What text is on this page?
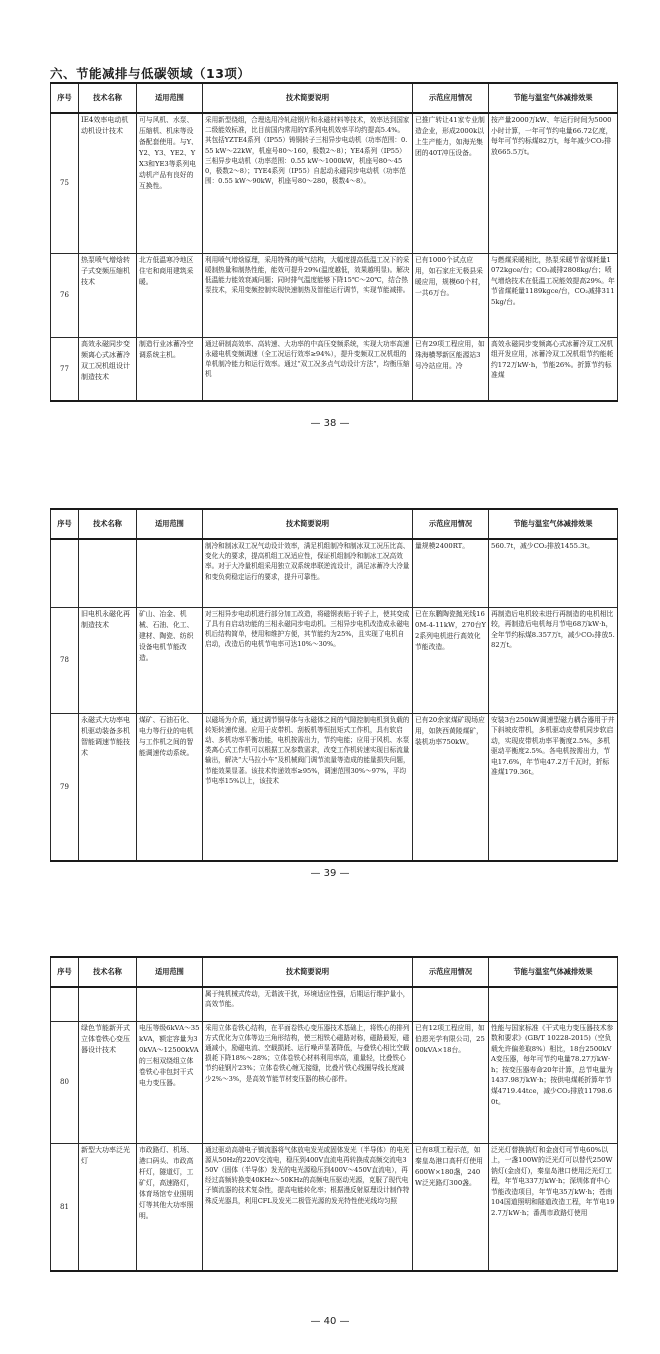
六、节能减排与低碳领域（13项）
序号	技术名称	适用范围	技术简要说明	示范应用情况	节能与温室气体减排效果
75	IE4效率电动机动机设计技术	可与风机、水泵、压缩机、机床等设备配套使用。与Y、Y2、Y3、YE2、YX3和YE3等系列电动机产品有良好的互换性。	采用新型绕组，合理选用冷轧硅钢片和永磁材料等技术，效率达到国家二级能效标准，比目前国内常用的Y系列电机效率平均约提高5.4%。其包括YZTE4系列（IP55）铸铜转子三相异步电动机（功率范围：0.55 kW～22kW，机座号80～160，极数2～8）；YE4系列（IP55）三相异步电动机（功率范围：0.55 kW～1000kW，机座号80～450，极数2～8）；TYE4系列（IP55）自起动永磁同步电动机（功率范围：0.55 kW～90kW，机座号80～280，极数4～8）。	已推广转让41家专业制造企业，形成2000k以上生产能力，如海光集团的40T冲压设备。	按产量2000万kW、年运行时间为5000小时计算，一年可节约电量66.72亿度，每年可节约标煤82万t，每年减少CO₂排放665.5万t。
76	热泵喷气增焓转子式变频压缩机技术	北方低温寒冷地区住宅和商用建筑采暖。	利用喷气增焓原理，采用特殊的喷气结构，大幅度提高低温工况下的采暖制热量和制热性能，能效可提升29%(温度越低，效果越明显)。解决低温能力能效衰减问题；同时排气温度能够下降15℃～20℃，结合热泵技术，采用变频控制实现快速制热及智能运行调节，实现节能减排。	已有1000个试点应用，如石家庄无极县采暖应用，规模60个村，一共6万台。	与燃煤采暖相比，热泵采暖节省煤耗量1072kgce/台；CO₂减排2808kg/台；喷气增焓技术在低温工况能效提高29%。年节省煤耗量1189kgce/台，CO₂减排3115kg/台。
77	高效永磁同步变频离心式冰蓄冷双工况机组设计制造技术	制造行业冰蓄冷空调系统主机。	通过研制高效率、高转速、大功率的中高压变频系统，实现大功率高速永磁电机变频调速（全工况运行效率≥94%），提升变频双工况机组的单机制冷能力和运行效率。通过“双工况多点气动设计方法”，均衡压缩机	已有29项工程应用，如珠海横琴新区能源站3号冷站应用。冷	高效永磁同步变频离心式冰蓄冷双工况机组开发应用，冰蓄冷双工况机组节约能耗约172万kW·h，节能26%。折算节约标准煤
— 38 —
序号	技术名称	适用范围	技术简要说明	示范应用情况	节能与温室气体减排效果
			制冷和制冰双工况气动设计效率，满足机组制冷和制冰双工况压比高、变化大的要求，提高机组工况适应性，保证机组制冷和制冰工况高效率。对于大冷量机组采用独立双系统串联逆流设计，满足冰蓄冷大冷量和变负荷稳定运行的要求，提升可靠性。	量规模2400RT。	560.7t，减少CO₂排放1455.3t。
78	旧电机永磁化再制造技术	矿山、冶金、机械、石油、化工、建材、陶瓷、纺织设备电机节能改造。	对三相异步电动机进行部分加工改造，将磁钢表贴于转子上，使其变成了具有自启动功能的三相永磁同步电动机。三相异步电机改造成永磁电机后结构简单，使用和维护方便，其节能约为25%，且实现了电机自启动，改造后的电机节电率可达10%～30%。	已在东鹏陶瓷抛光线160M-4-11kW，270台Y2系列电机进行高效化节能改造。	再制造后电机较未进行再制造的电机相比较，再制造后电机每月节电68万kW·h，全年节约标煤8.357万t，减少CO₂排放5.82万t。
79	永磁式大功率电机驱动装备多机智能调速节能技术	煤矿、石油石化、电力等行业的电机与工作机之间的智能调速传动系统。	以磁场为介质，通过调节铜导体与永磁体之间的气隙控制电机到负载的转矩转速传递。应用于皮带机、刮板机等恒扭矩式工作机，具有软启动、多机功率平衡功能，电机按需出力，节约电能；应用于风机、水泵类离心式工作机可以根据工况参数需求，改变工作机转速实现目标流量输出，解决“大马拉小车”及机械阀门调节流量等造成的能量损失问题，节能效果显著。该技术传递效率≥95%，调速范围30%～97%，平均节电率15%以上，该技术	已有20余家煤矿现场应用，如陕西黄陵煤矿，装机功率750kW。	安装3台250kW调速型磁力耦合器用于井下斜坡皮带机，多机驱动皮带机同步软启动，实现皮带机功率平衡度2.5%，多机驱动平衡度2.5%。各电机按需出力，节电17.6%，年节电47.2万千瓦时，折标准煤179.36t。
— 39 —
序号	技术名称	适用范围	技术简要说明	示范应用情况	节能与温室气体减排效果
			属于纯机械式传动，无谐波干扰，环境适应性强，后期运行维护量小，高效节能。		
80	绿色节能新开式立体卷铁心变压器设计技术	电压等级6kVA～35kVA，额定容量为30kVA～12500kVA的三相双绕组立体卷铁心非包封干式电力变压器。	采用立体卷铁心结构，在平面卷铁心变压器技术基础上，将铁心的排列方式优化为立体等边三角形结构，使三相铁心磁路对称，磁路最短，磁通减小，励磁电流、空载损耗、运行噪声显著降低，与叠铁心相比空载损耗下降18%～28%；立体卷铁心材料利用率高，重量轻，比叠铁心节约硅钢片23%；立体卷铁心缠无接缝，比叠片铁心线圈导线长度减少2%～3%，是高效节能节材变压器的核心部件。	已有12项工程应用，如伯恩光学有限公司，2500kVA×18台。	性能与国家标准《干式电力变压器技术参数和要求》(GB/T 10228-2015)（空负载允许偏差取8%）相比，18台2500kVA变压器，每年可节约电量78.27万kW·h；按变压器寿命20年计算，总节电量为1437.98万kW·h；按供电煤耗折算年节煤4719.44tce，减少CO₂排放11798.60t。
81	新型大功率泛光灯	市政路灯、机场、港口码头、市政高杆灯，隧道灯，工矿灯，高速路灯，体育场馆专业照明灯等其他大功率照明。	通过驱动高端电子镇流器将气体放电发光或固体发光（半导体）的电光源从50Hz的220V交流电，稳压到400V直流电再转换成高频交流电350V（固体（半导体）发光的电光源稳压到400V～450V直流电），再经过高频转换变40KHz～50KHz的高频电压驱动光源，克服了现代电子镇流器的技术复杂性，提高电能转化率；根据漫反射原理设计制作特殊反光器具，利用CFL及发光二极管光源的发光特性使光线均匀照	已有8项工程示范，如秦皇岛港口高杆灯使用600W×180盏，240W泛光路灯300盏。	泛光灯替换钠灯和金卤灯可节电60%以上，一盏100W的泛光灯可以替代250W钠灯(金卤灯)，秦皇岛港口使用泛光灯工程，年节电337万kW·h；深圳体育中心节能改造项目，年节电35万kW·h；苍南104国道照明和隧道改造工程，年节电192.7万kW·h；番禺市政路灯使用
— 40 —
